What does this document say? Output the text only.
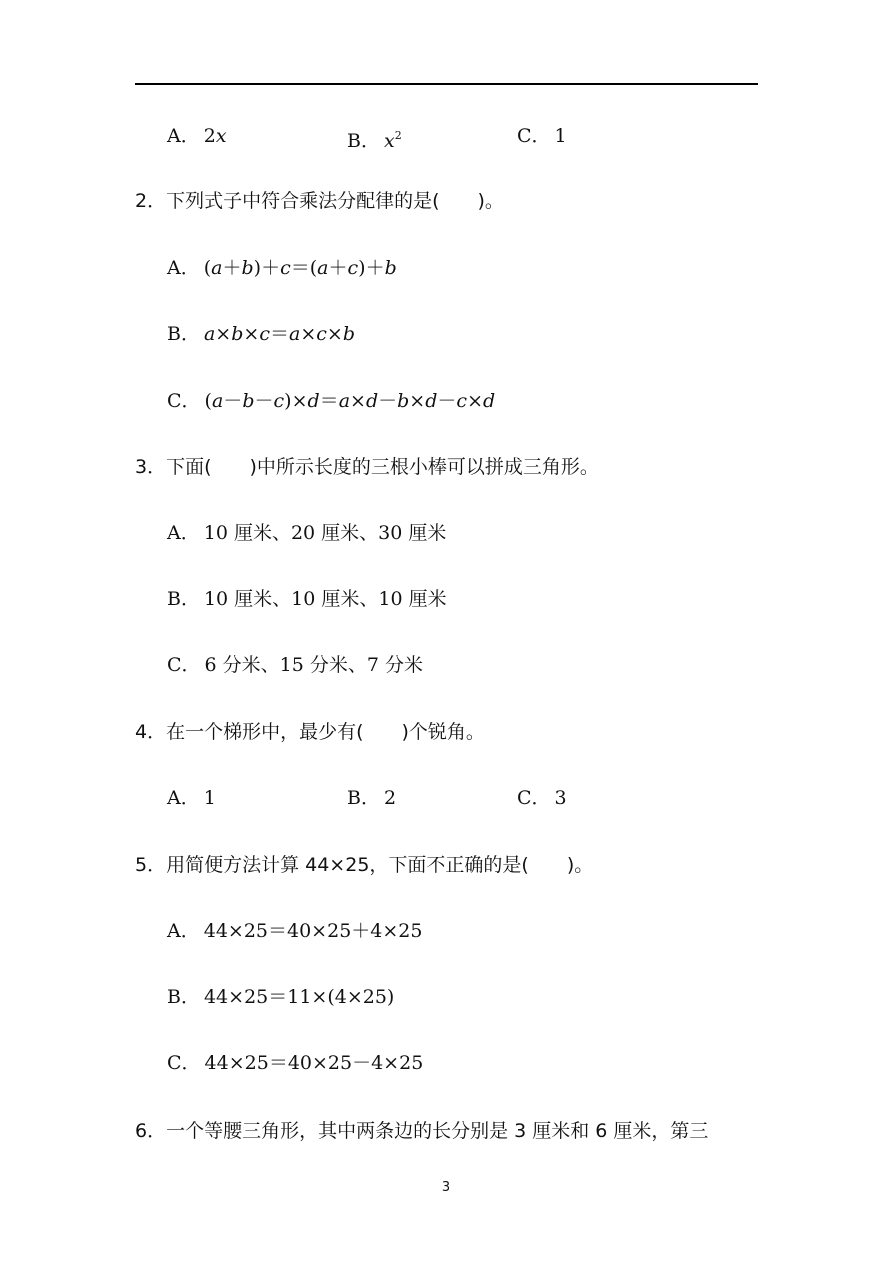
A． 2x	B． $x^2$	C． 1
2．下列式子中符合乘法分配律的是(　　)。
A． (a＋b)＋c＝(a＋c)＋b
B． a×b×c＝a×c×b
C． (a－b－c)×d＝a×d－b×d－c×d
3．下面(　　)中所示长度的三根小棒可以拼成三角形。
A． 10 厘米、20 厘米、30 厘米
B． 10 厘米、10 厘米、10 厘米
C． 6 分米、15 分米、7 分米
4．在一个梯形中，最少有(　　)个锐角。
A． 1	B． 2	C． 3
5．用简便方法计算 44×25，下面不正确的是(　　)。
A． 44×25＝40×25＋4×25
B． 44×25＝11×(4×25)
C． 44×25＝40×25－4×25
6．一个等腰三角形，其中两条边的长分别是 3 厘米和 6 厘米，第三
3
